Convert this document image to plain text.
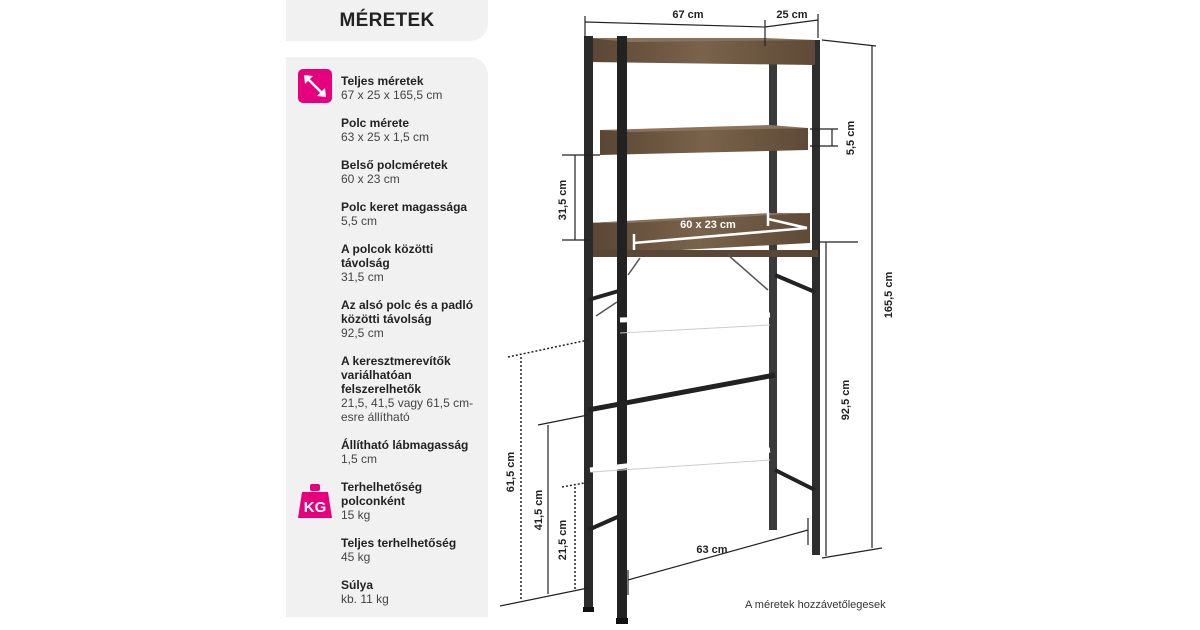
MÉRETEK
KG
Teljes méretek
67 x 25 x 165,5 cm
Polc mérete
63 x 25 x 1,5 cm
Belső polcméretek
60 x 23 cm
Polc keret magassága
5,5 cm
A polcok közötti távolság
31,5 cm
Az alsó polc és a padló közötti távolság
92,5 cm
A keresztmerevítők variálhatóan felszerelhetők
21,5, 41,5 vagy 61,5 cm-esre állítható
Állítható lábmagasság
1,5 cm
Terhelhetőség polconként
15 kg
Teljes terhelhetőség
45 kg
Súlya
kb. 11 kg
67 cm	25 cm
165,5 cm
5,5 cm
31,5 cm
60 x 23 cm
92,5 cm
63 cm
61,5 cm
41,5 cm
21,5 cm
A méretek hozzávetőlegesek
